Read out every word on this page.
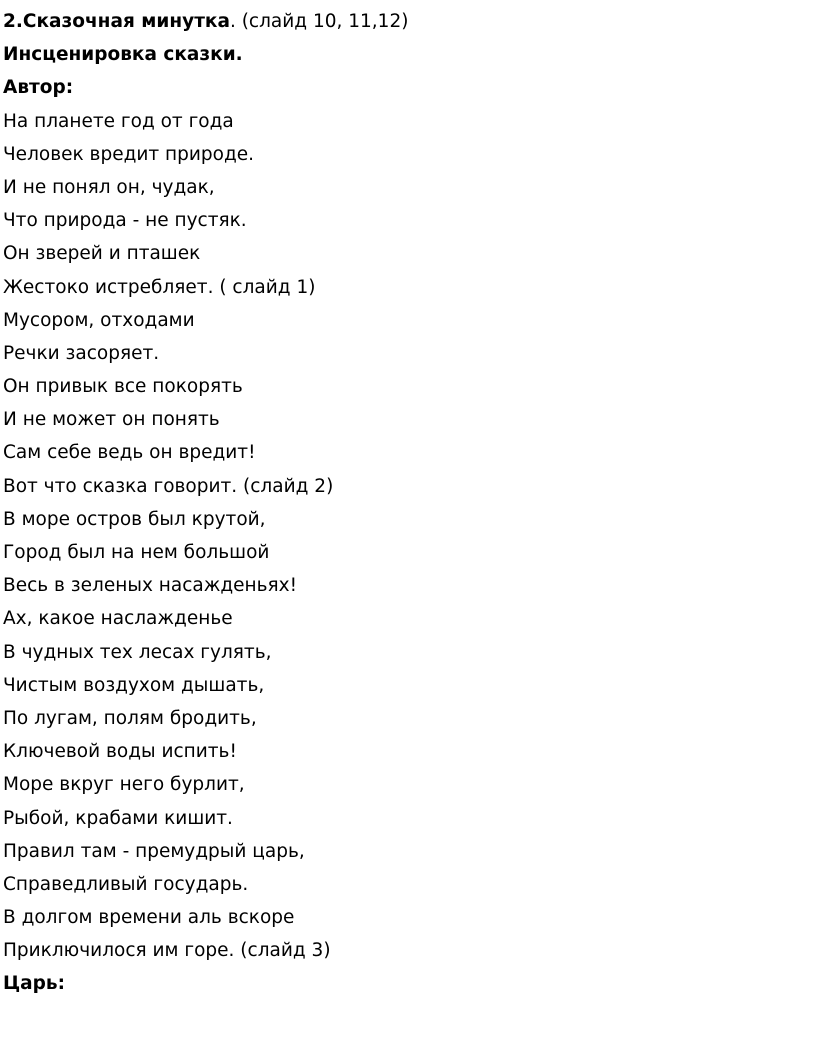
2.Сказочная минутка. (слайд 10, 11,12)
Инсценировка сказки.
Автор:
На планете год от года
Человек вредит природе.
И не понял он, чудак,
Что природа - не пустяк.
Он зверей и пташек
Жестоко истребляет. ( слайд 1)
Мусором, отходами
Речки засоряет.
Он привык все покорять
И не может он понять
Сам себе ведь он вредит!
Вот что сказка говорит. (слайд 2)
В море остров был крутой,
Город был на нем большой
Весь в зеленых насажденьях!
Ах, какое наслажденье
В чудных тех лесах гулять,
Чистым воздухом дышать,
По лугам, полям бродить,
Ключевой воды испить!
Море вкруг него бурлит,
Рыбой, крабами кишит.
Правил там - премудрый царь,
Справедливый государь.
В долгом времени аль вскоре
Приключилося им горе. (слайд 3)
Царь:
